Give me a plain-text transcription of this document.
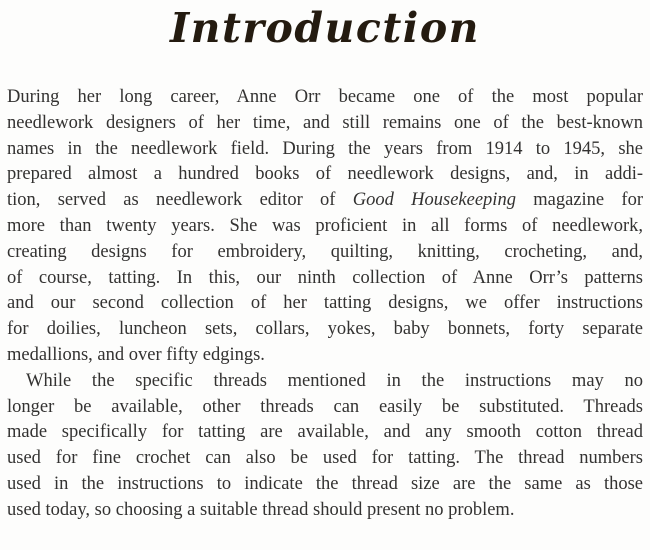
Introduction
During her long career, Anne Orr became one of the most popular
needlework designers of her time, and still remains one of the best-known
names in the needlework field. During the years from 1914 to 1945, she
prepared almost a hundred books of needlework designs, and, in addi-
tion, served as needlework editor of Good Housekeeping magazine for
more than twenty years. She was proficient in all forms of needlework,
creating designs for embroidery, quilting, knitting, crocheting, and,
of course, tatting. In this, our ninth collection of Anne Orr’s patterns
and our second collection of her tatting designs, we offer instructions
for doilies, luncheon sets, collars, yokes, baby bonnets, forty separate
medallions, and over fifty edgings.
While the specific threads mentioned in the instructions may no
longer be available, other threads can easily be substituted. Threads
made specifically for tatting are available, and any smooth cotton thread
used for fine crochet can also be used for tatting. The thread numbers
used in the instructions to indicate the thread size are the same as those
used today, so choosing a suitable thread should present no problem.
